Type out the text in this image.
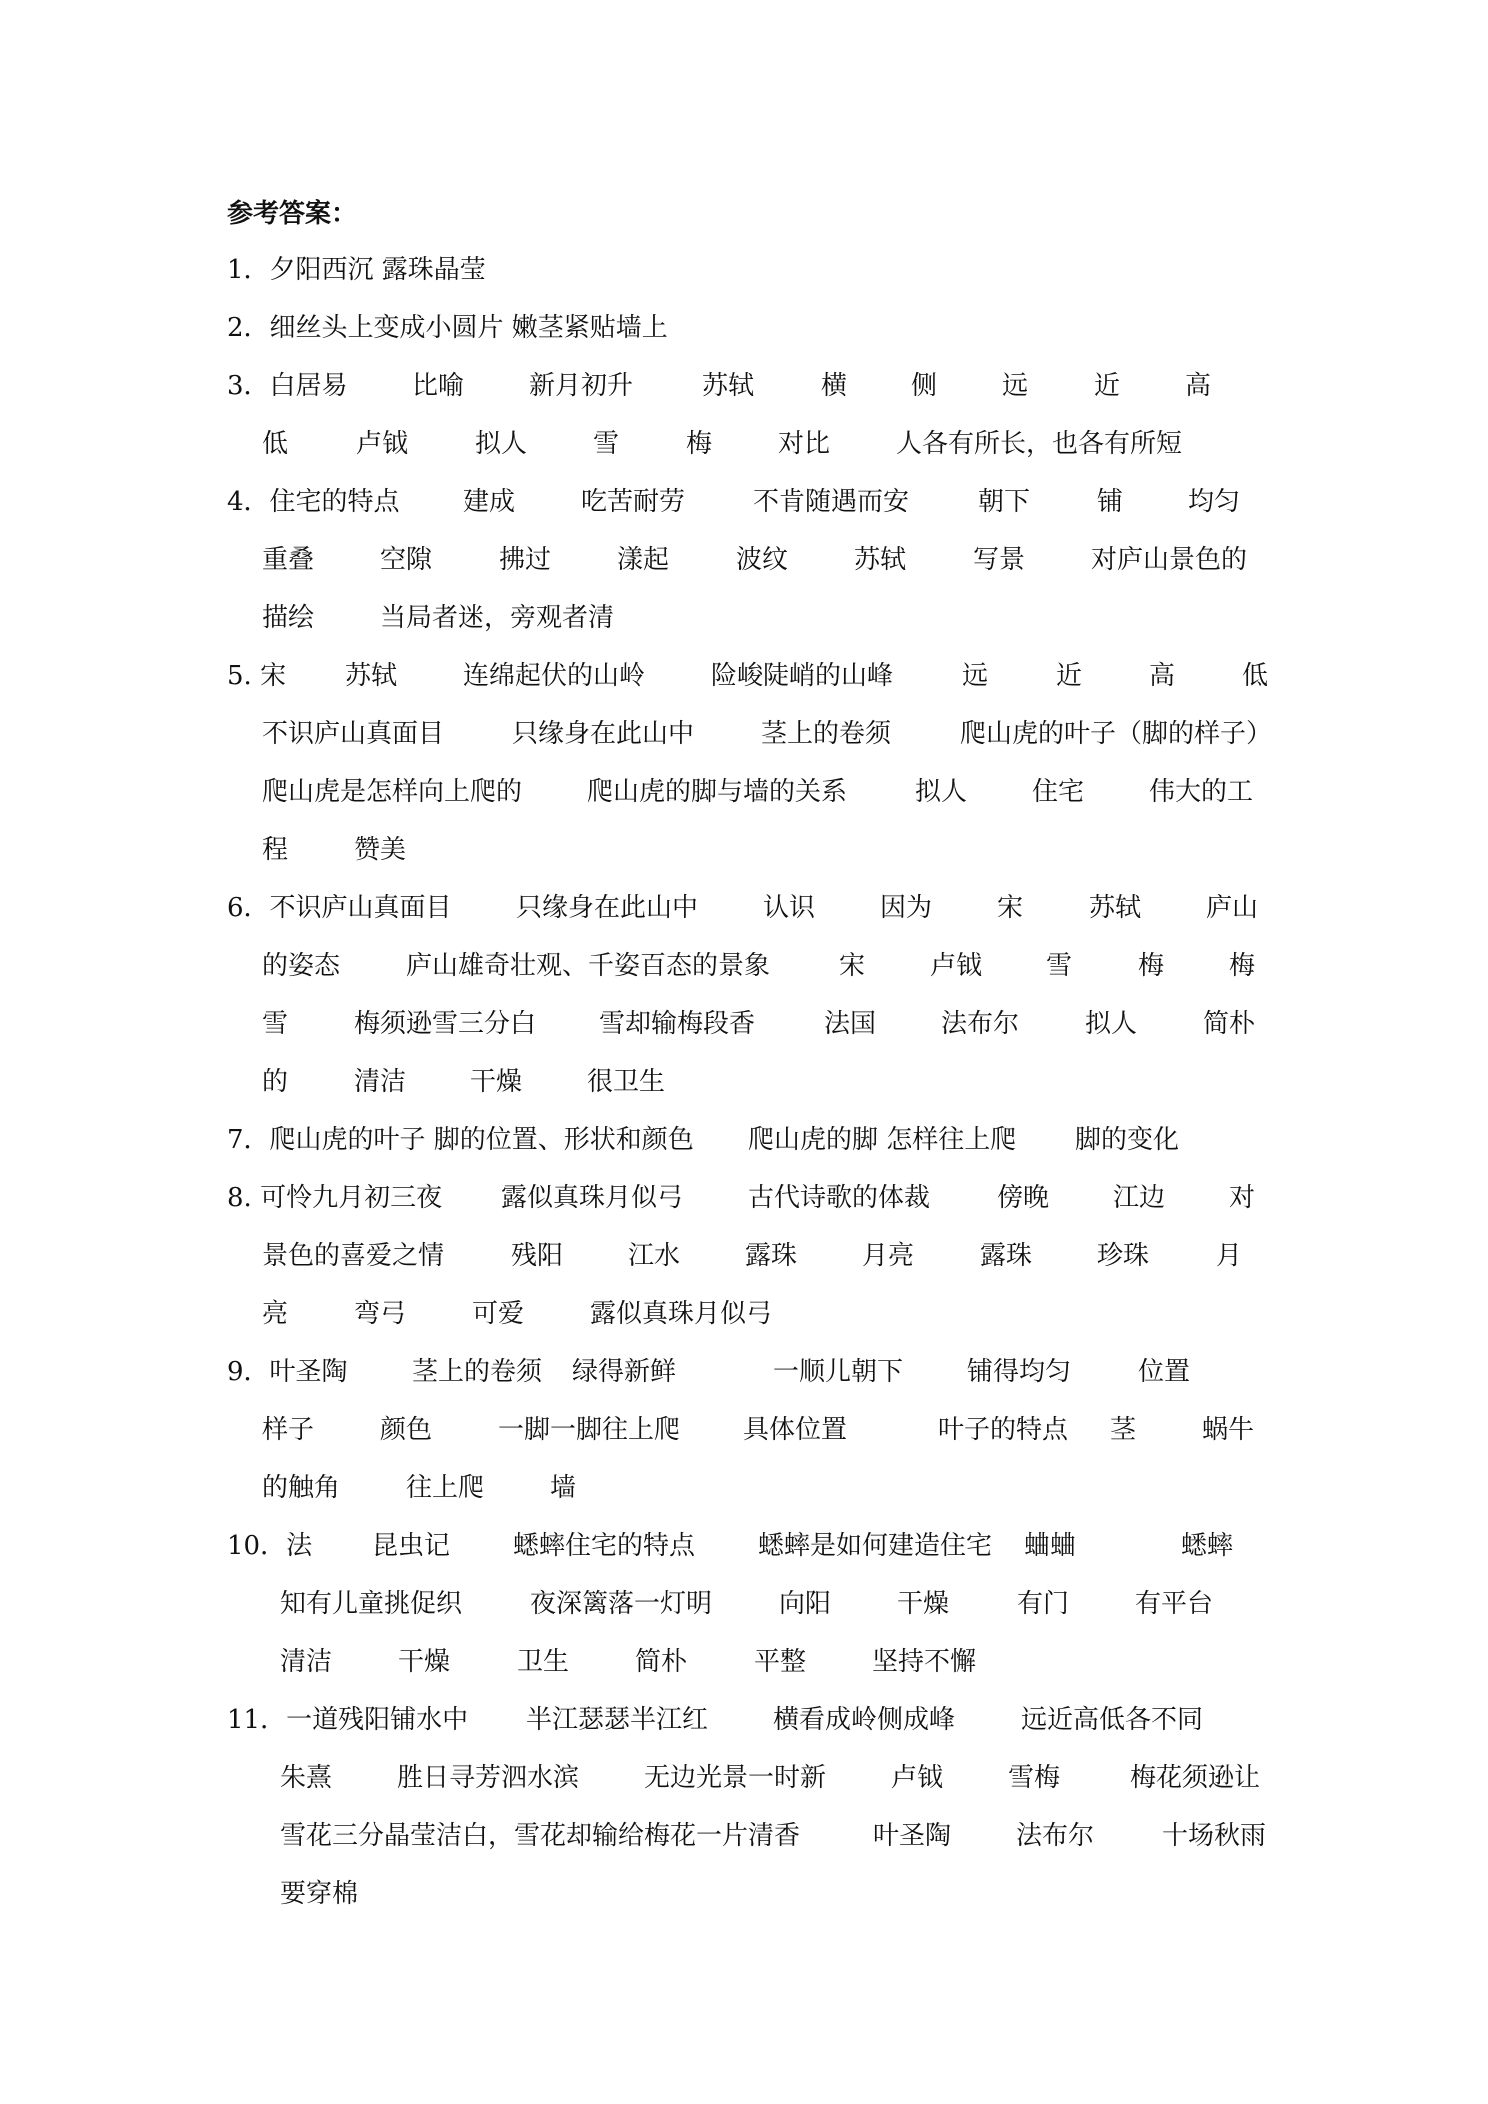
参考答案：
1．夕阳西沉 露珠晶莹
2．细丝头上变成小圆片 嫩茎紧贴墙上
3．白居易 比喻 新月初升	苏轼	横 侧 远	近 高
低	卢钺	拟人	雪	梅	对比	人各有所长，也各有所短
4．住宅的特点 建成	吃苦耐劳	不肯随遇而安	朝下	铺 均匀
重叠	空隙	拂过	漾起	波纹	苏轼	写景	对庐山景色的
描绘	当局者迷，旁观者清
5. 宋 苏轼	连绵起伏的山岭	险峻陡峭的山峰	远	近	高	低
不识庐山真面目	只缘身在此山中	茎上的卷须	爬山虎的叶子（脚的样子）
爬山虎是怎样向上爬的 爬山虎的脚与墙的关系	拟人 住宅 伟大的工
程	赞美
6．不识庐山真面目 只缘身在此山中 认识 因为 宋	苏轼 庐山
的姿态	庐山雄奇壮观、千姿百态的景象	宋 卢钺 雪	梅 梅
雪	梅须逊雪三分白 雪却输梅段香	法国 法布尔	拟人	简朴
的	清洁 干燥 很卫生
7．爬山虎的叶子 脚的位置、形状和颜色 爬山虎的脚 怎样往上爬 脚的变化
8. 可怜九月初三夜 露似真珠月似弓 古代诗歌的体裁	傍晚 江边 对
景色的喜爱之情	残阳 江水 露珠 月亮	露珠 珍珠	月
亮	弯弓	可爱	露似真珠月似弓
9．叶圣陶 茎上的卷须 绿得新鲜	一顺儿朝下 铺得均匀	位置
样子	颜色	一脚一脚往上爬 具体位置	叶子的特点 茎	蜗牛
的触角	往上爬	墙
10．法 昆虫记 蟋蟀住宅的特点 蟋蟀是如何建造住宅 蛐蛐	蟋蟀
知有儿童挑促织	夜深篱落一灯明	向阳	干燥	有门	有平台
清洁	干燥	卫生	简朴	平整	坚持不懈
11．一道残阳铺水中 半江瑟瑟半江红 横看成岭侧成峰	远近高低各不同
朱熹 胜日寻芳泗水滨 无边光景一时新 卢钺 雪梅	梅花须逊让
雪花三分晶莹洁白，雪花却输给梅花一片清香	叶圣陶 法布尔	十场秋雨
要穿棉
